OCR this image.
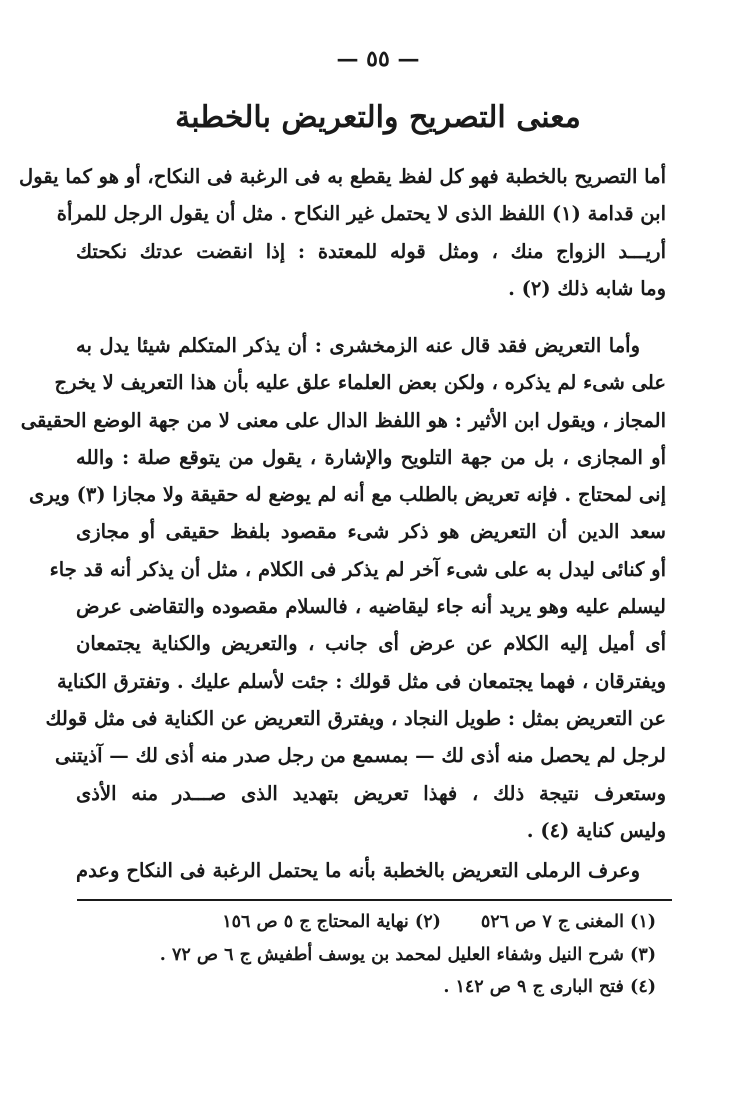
— ٥٥ —
معنى التصريح والتعريض بالخطبة
أما التصريح بالخطبة فهو كل لفظ يقطع به فى الرغبة فى النكاح، أو هو كما يقول
ابن قدامة (١) اللفظ الذى لا يحتمل غير النكاح . مثل أن يقول الرجل للمرأة
أريـــد الزواج منك ، ومثل قوله للمعتدة : إذا انقضت عدتك نكحتك
وما شابه ذلك (٢) .
وأما التعريض فقد قال عنه الزمخشرى : أن يذكر المتكلم شيئا يدل به
على شىء لم يذكره ، ولكن بعض العلماء علق عليه بأن هذا التعريف لا يخرج
المجاز ، ويقول ابن الأثير : هو اللفظ الدال على معنى لا من جهة الوضع الحقيقى
أو المجازى ، بل من جهة التلويح والإشارة ، يقول من يتوقع صلة : والله
إنى لمحتاج . فإنه تعريض بالطلب مع أنه لم يوضع له حقيقة ولا مجازا (٣) ويرى
سعد الدين أن التعريض هو ذكر شىء مقصود بلفظ حقيقى أو مجازى
أو كنائى ليدل به على شىء آخر لم يذكر فى الكلام ، مثل أن يذكر أنه قد جاء
ليسلم عليه وهو يريد أنه جاء ليقاضيه ، فالسلام مقصوده والتقاضى عرض
أى أميل إليه الكلام عن عرض أى جانب ، والتعريض والكناية يجتمعان
ويفترقان ، فهما يجتمعان فى مثل قولك : جئت لأسلم عليك . وتفترق الكناية
عن التعريض بمثل : طويل النجاد ، ويفترق التعريض عن الكناية فى مثل قولك
لرجل لم يحصل منه أذى لك — بمسمع من رجل صدر منه أذى لك — آذيتنى
وستعرف نتيجة ذلك ، فهذا تعريض بتهديد الذى صـــدر منه الأذى
وليس كناية (٤) .
وعرف الرملى التعريض بالخطبة بأنه ما يحتمل الرغبة فى النكاح وعدم
(١) المغنى ج ٧ ص ٥٢٦
(٢) نهاية المحتاج ج ٥ ص ١٥٦
(٣) شرح النيل وشفاء العليل لمحمد بن يوسف أطفيش ج ٦ ص ٧٢ .
(٤) فتح البارى ج ٩ ص ١٤٢ .
